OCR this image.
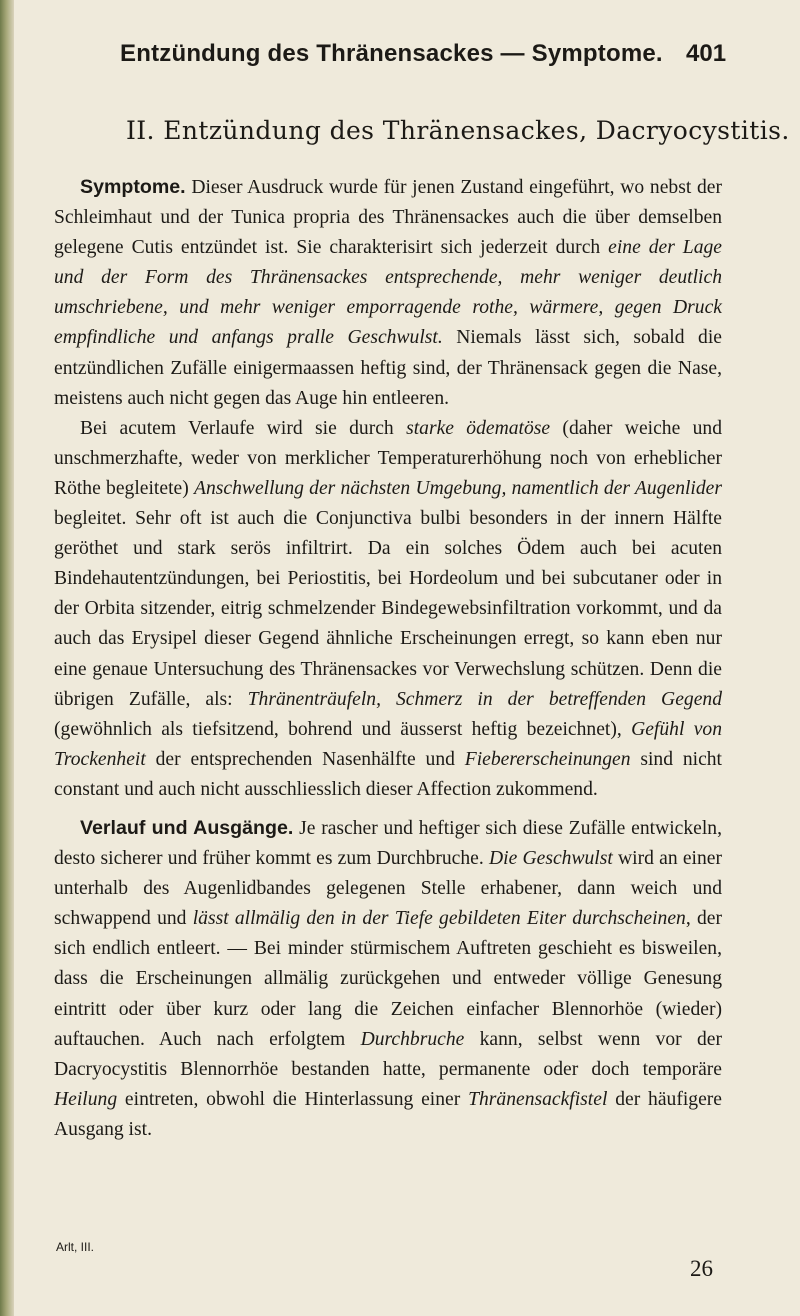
Entzündung des Thränensackes — Symptome. 401
II. Entzündung des Thränensackes, Dacryocystitis.

Symptome. Dieser Ausdruck wurde für jenen Zustand eingeführt, wo nebst der Schleimhaut und der Tunica propria des Thränensackes auch die über demselben gelegene Cutis entzündet ist. Sie charakterisirt sich jederzeit durch eine der Lage und der Form des Thränensackes entsprechende, mehr weniger deutlich umschriebene, und mehr weniger emporragende rothe, wärmere, gegen Druck empfindliche und anfangs pralle Geschwulst. Niemals lässt sich, sobald die entzündlichen Zufälle einigermaassen heftig sind, der Thränensack gegen die Nase, meistens auch nicht gegen das Auge hin entleeren.

Bei acutem Verlaufe wird sie durch starke ödematöse (daher weiche und unschmerzhafte, weder von merklicher Temperaturerhöhung noch von erheblicher Röthe begleitete) Anschwellung der nächsten Umgebung, namentlich der Augenlider begleitet. Sehr oft ist auch die Conjunctiva bulbi besonders in der innern Hälfte geröthet und stark serös infiltrirt. Da ein solches Ödem auch bei acuten Bindehautentzündungen, bei Periostitis, bei Hordeolum und bei subcutaner oder in der Orbita sitzender, eitrig schmelzender Bindegewebsinfiltration vorkommt, und da auch das Erysipel dieser Gegend ähnliche Erscheinungen erregt, so kann eben nur eine genaue Untersuchung des Thränensackes vor Verwechslung schützen. Denn die übrigen Zufälle, als: Thränenträufeln, Schmerz in der betreffenden Gegend (gewöhnlich als tiefsitzend, bohrend und äusserst heftig bezeichnet), Gefühl von Trockenheit der entsprechenden Nasenhälfte und Fiebererscheinungen sind nicht constant und auch nicht ausschliesslich dieser Affection zukommend.

Verlauf und Ausgänge. Je rascher und heftiger sich diese Zufälle entwickeln, desto sicherer und früher kommt es zum Durchbruche. Die Geschwulst wird an einer unterhalb des Augenlidbandes gelegenen Stelle erhabener, dann weich und schwappend und lässt allmälig den in der Tiefe gebildeten Eiter durchscheinen, der sich endlich entleert. — Bei minder stürmischem Auftreten geschieht es bisweilen, dass die Erscheinungen allmälig zurückgehen und entweder völlige Genesung eintritt oder über kurz oder lang die Zeichen einfacher Blennorhöe (wieder) auftauchen. Auch nach erfolgtem Durchbruche kann, selbst wenn vor der Dacryocystitis Blennorrhöe bestanden hatte, permanente oder doch temporäre Heilung eintreten, obwohl die Hinterlassung einer Thränensackfistel der häufigere Ausgang ist.

Arlt, III.
26
